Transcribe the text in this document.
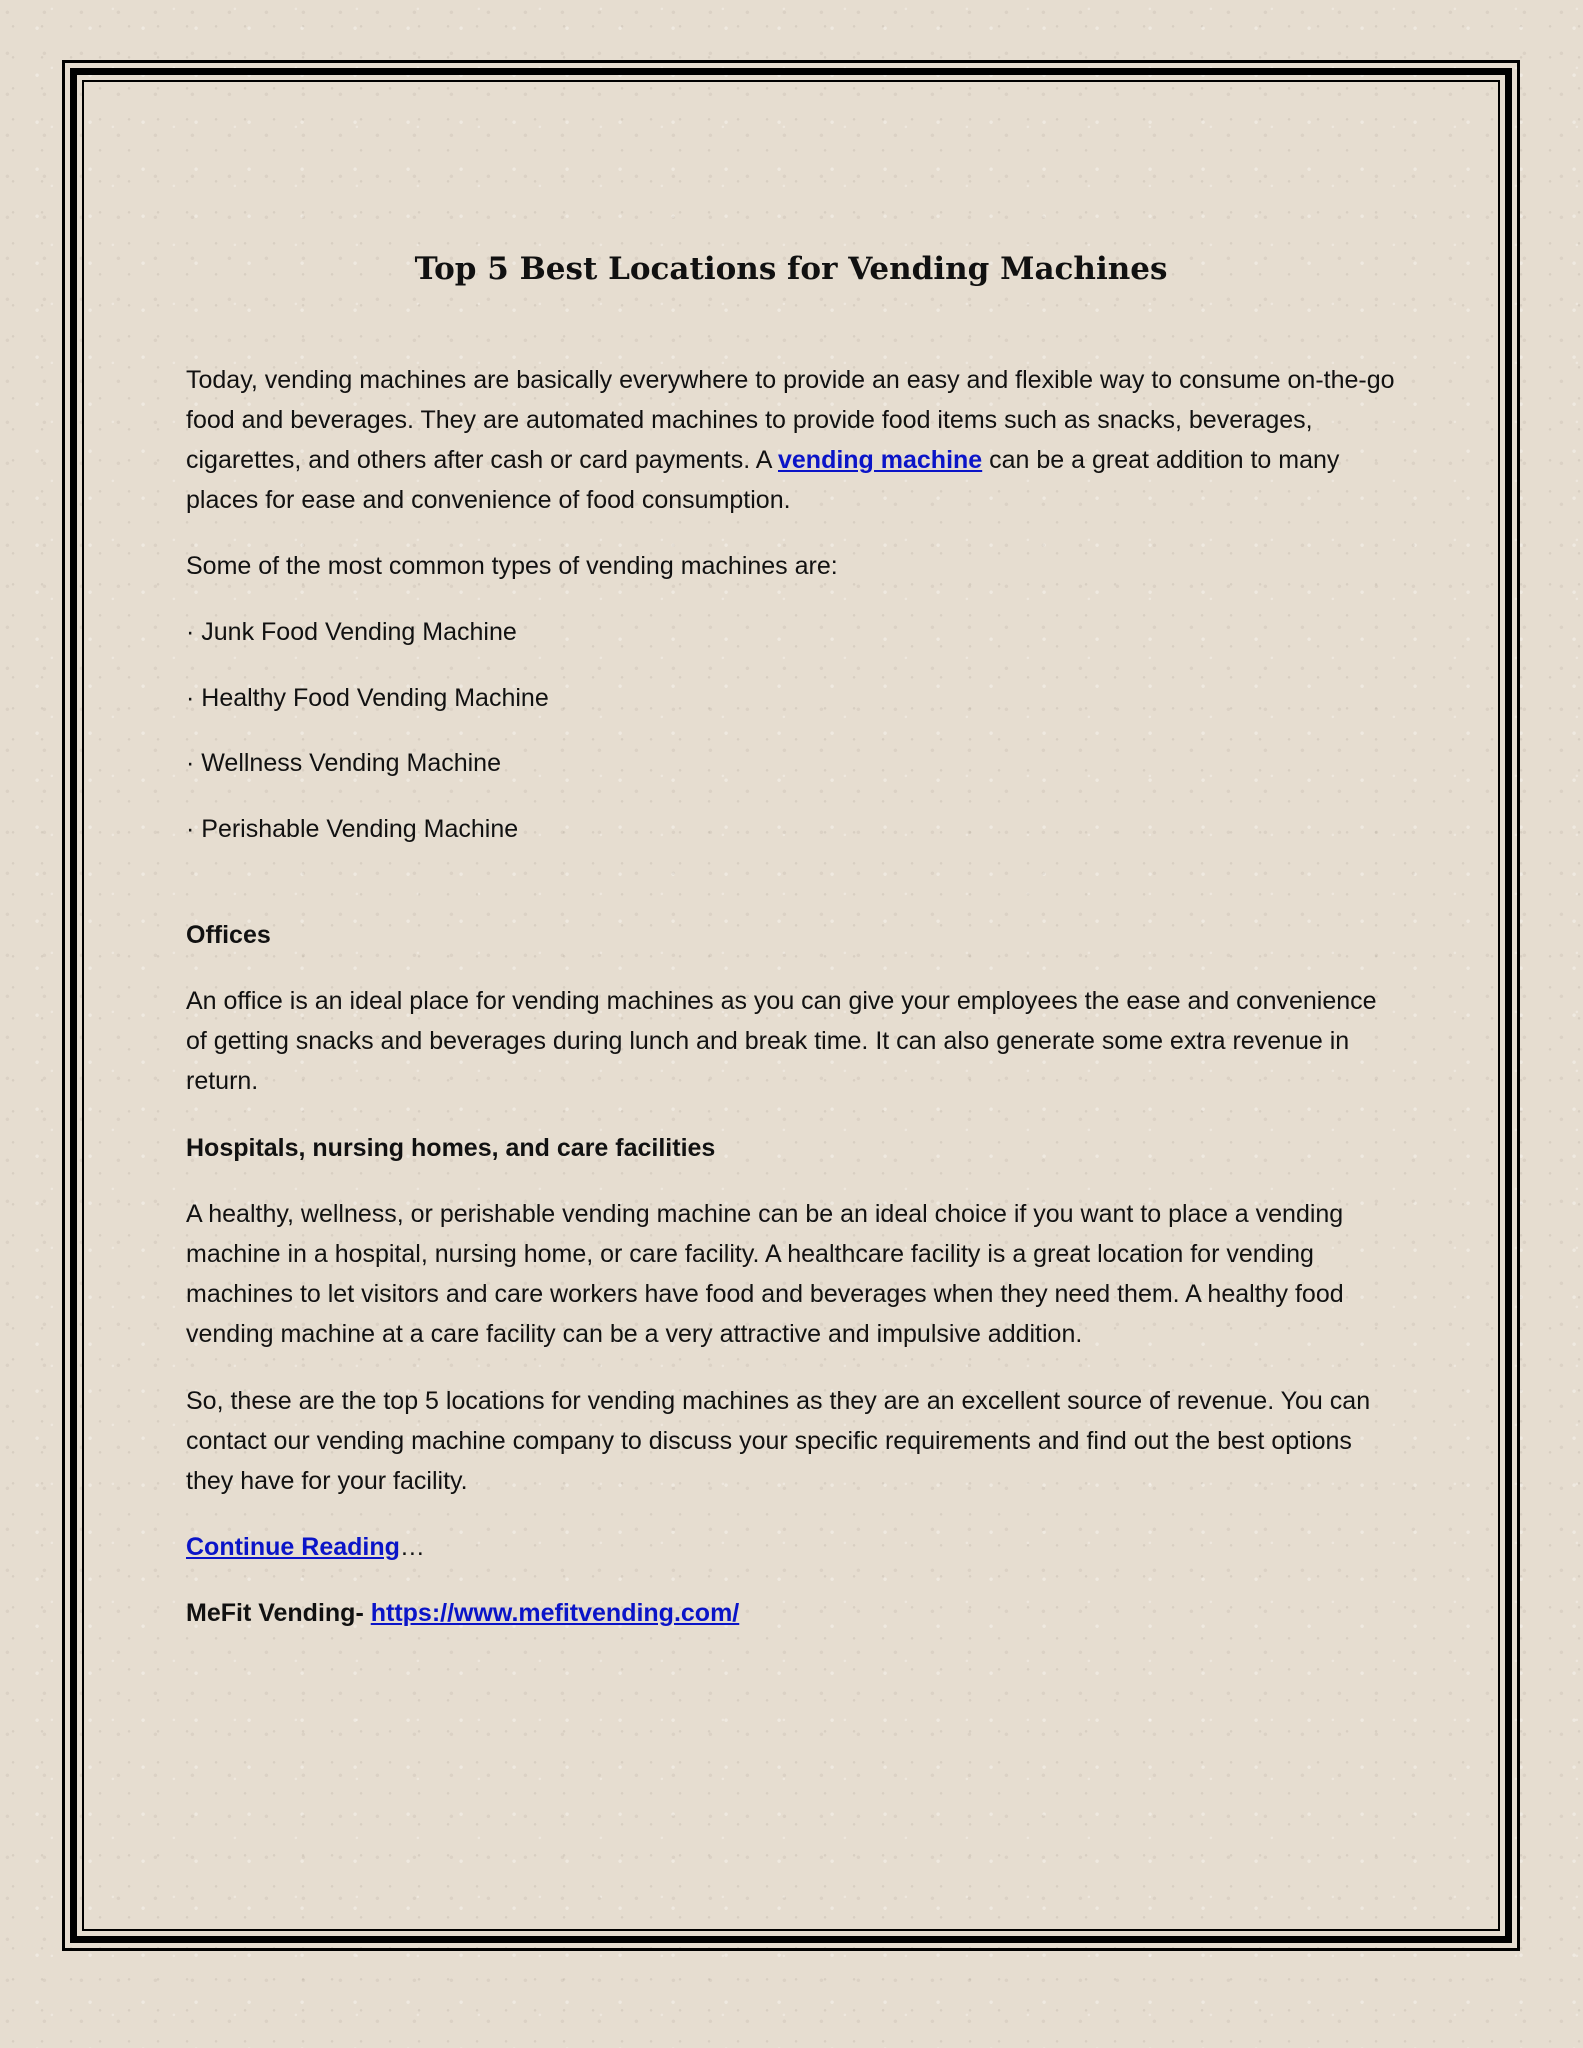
Top 5 Best Locations for Vending Machines

Today, vending machines are basically everywhere to provide an easy and flexible way to consume on-the-go food and beverages. They are automated machines to provide food items such as snacks, beverages, cigarettes, and others after cash or card payments. A vending machine can be a great addition to many places for ease and convenience of food consumption.

Some of the most common types of vending machines are:

· Junk Food Vending Machine

· Healthy Food Vending Machine

· Wellness Vending Machine

· Perishable Vending Machine

Offices

An office is an ideal place for vending machines as you can give your employees the ease and convenience of getting snacks and beverages during lunch and break time. It can also generate some extra revenue in return.

Hospitals, nursing homes, and care facilities

A healthy, wellness, or perishable vending machine can be an ideal choice if you want to place a vending machine in a hospital, nursing home, or care facility. A healthcare facility is a great location for vending machines to let visitors and care workers have food and beverages when they need them. A healthy food vending machine at a care facility can be a very attractive and impulsive addition.

So, these are the top 5 locations for vending machines as they are an excellent source of revenue. You can contact our vending machine company to discuss your specific requirements and find out the best options they have for your facility.

Continue Reading…

MeFit Vending- https://www.mefitvending.com/
